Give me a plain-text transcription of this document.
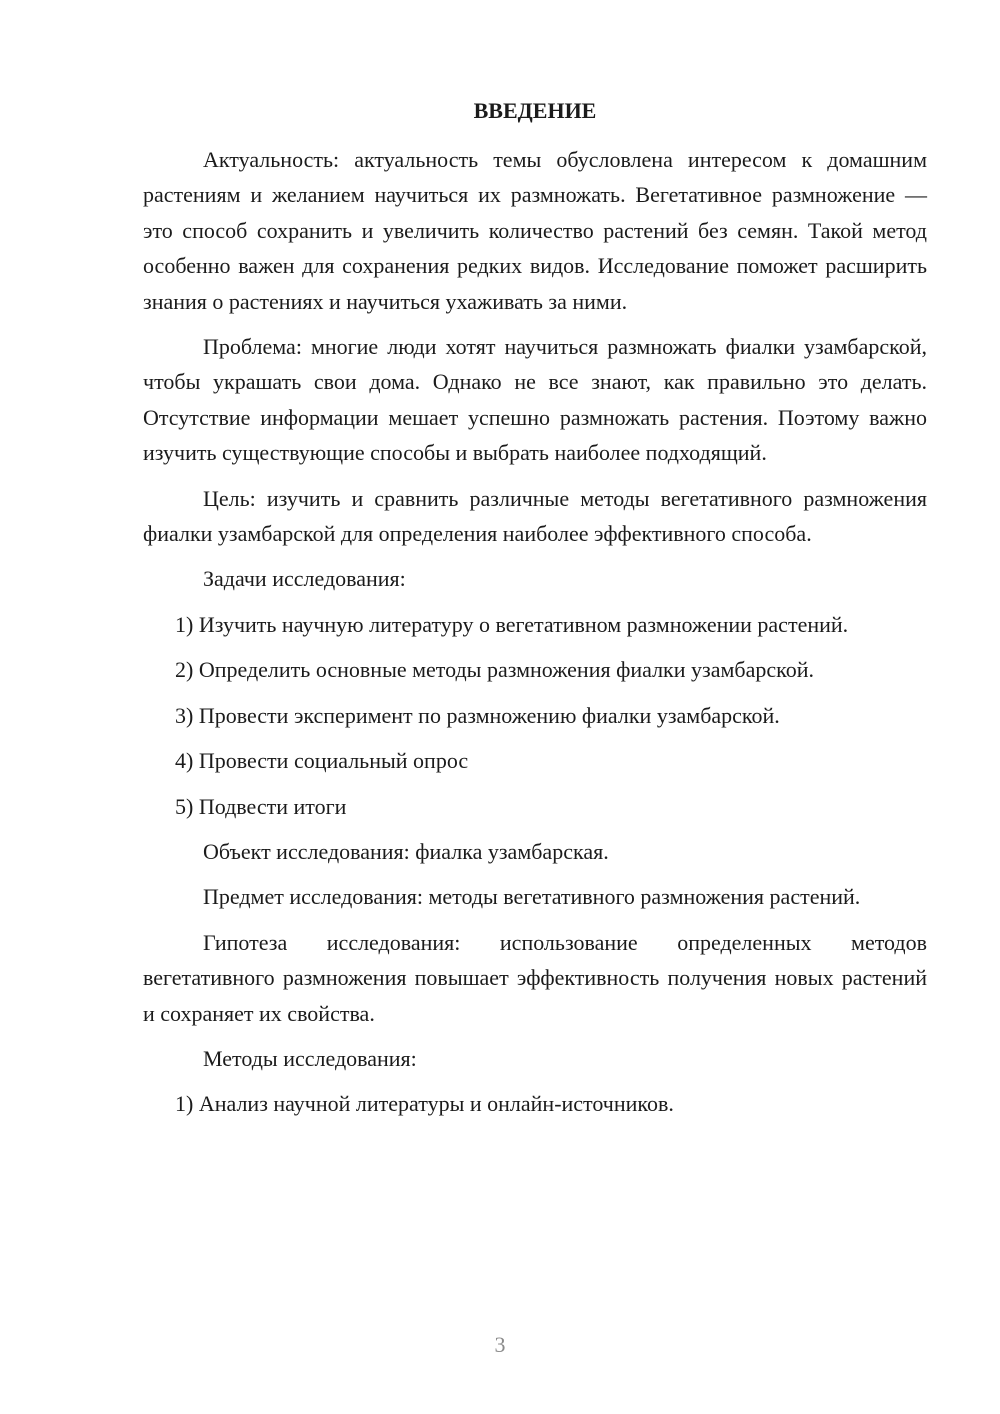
ВВЕДЕНИЕ

Актуальность: актуальность темы обусловлена интересом к домашним растениям и желанием научиться их размножать. Вегетативное размножение — это способ сохранить и увеличить количество растений без семян. Такой метод особенно важен для сохранения редких видов. Исследование поможет расширить знания о растениях и научиться ухаживать за ними.

Проблема: многие люди хотят научиться размножать фиалки узамбарской, чтобы украшать свои дома. Однако не все знают, как правильно это делать. Отсутствие информации мешает успешно размножать растения. Поэтому важно изучить существующие способы и выбрать наиболее подходящий.

Цель: изучить и сравнить различные методы вегетативного размножения фиалки узамбарской для определения наиболее эффективного способа.

Задачи исследования:

1) Изучить научную литературу о вегетативном размножении растений.

2) Определить основные методы размножения фиалки узамбарской.

3) Провести эксперимент по размножению фиалки узамбарской.

4) Провести социальный опрос

5) Подвести итоги

Объект исследования: фиалка узамбарская.

Предмет исследования: методы вегетативного размножения растений.

Гипотеза исследования: использование определенных методов вегетативного размножения повышает эффективность получения новых растений и сохраняет их свойства.

Методы исследования:

1) Анализ научной литературы и онлайн-источников.

3
